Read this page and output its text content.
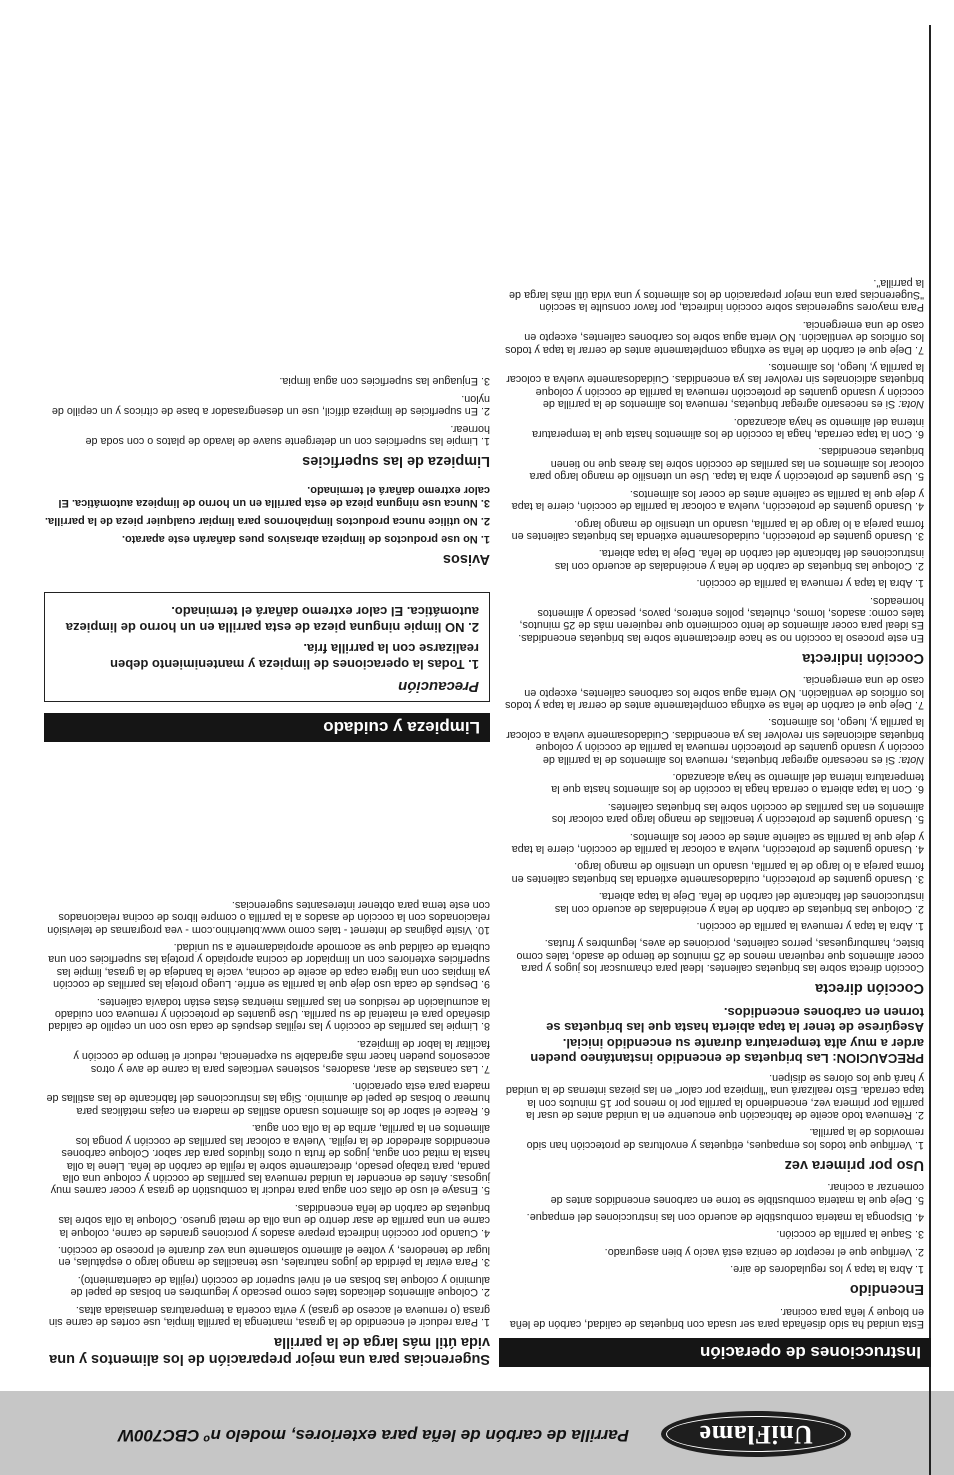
UniFlame
Parrilla de carbón de leña para exteriores, modelo nº CBC700W
Instrucciones de operación

Esta unidad ha sido diseñada para ser usada con briquetas de calidad, carbón de leña en bloque y leña para cocinar.

Encendido

1. Abra la tapa y los reguladores de aire.

2. Verifique que el receptor de ceniza está vacío y bien asegurado.

3. Saque la parrilla de cocción.

4. Disponga la materia combustible de acuerdo con las instrucciones del empaque.

5. Deje que la materia combustible se torne en carbones encendidos antes de comenzar a cocinar.

Uso por primera vez

1. Verifique que todos los empaques, etiquetas y envolturas de protección han sido removidos de la parrilla.

2. Remueva todo aceite de fabricación que encuentre en la unidad antes de usar la parrilla por primera vez, encendiendo la parrilla por lo menos por 15 minutos con la tapa cerrada. Esto realizará una "limpieza por calor" en las piezas internas de la unidad y hará que los olores se disipen.

PRECAUCION: Las briquetas de encendido instantáneo pueden arder a muy alta temperatura durante su encendido inicial. Asegúrese de tener la tapa abierta hasta que las briquetas se tornen en carbones encendidos.

Cocción directa

Cocción directa sobre las briquetas calientes. Ideal para chamuscar los jugos y para cocer alimentos que requieran menos de 25 minutos de tiempo de asado, tales como bistec, hamburguesas, perros calientes, porciones de aves, legumbres y frutas.

1. Abra la tapa y remueva la parrilla de cocción.

2. Coloque las briquetas de carbón de leña y enciéndalas de acuerdo con las instrucciones del fabricante del carbón de leña. Deje la tapa abierta.

3. Usando guantes de protección, cuidadosamente extienda las briquetas calientes en forma pareja a lo largo de la parrilla, usando un utensilio de mango largo.

4. Usando guantes de protección, vuelva a colocar la parrilla de cocción, cierre la tapa y deje que la parrilla se caliente antes de cocer los alimentos.

5. Usando guantes de protección y tenacillas de mango largo para colocar los alimentos en las parrillas de cocción sobre las briquetas calientes.

6. Con la tapa abierta o cerrada haga la cocción de los alimentos hasta que la temperatura interna del alimento se haya alcanzado.

Nota: Si es necesario agregar briquetas, remueva los alimentos de la parrilla de cocción y usando guantes de protección remueva la parrilla de cocción y coloque briquetas adicionales sin revolver las ya encendidas. Cuidadosamente vuelva a colocar la parrilla y, luego, los alimentos.

7. Deje que el carbón de leña se extinga completamente antes de cerrar la tapa y todos los orificios de ventilación. NO vierta agua sobre los carbones calientes, excepto en caso de una emergencia.

Cocción indirecta

En este proceso la cocción no se hace directamente sobre las briquetas encendidas. Es ideal para cocer alimentos de lento cocimiento que requieren más de 25 minutos, tales como: asados, lomos, chuletas, pollos enteros, pavos, pescado y alimentos horneados.

1. Abra la tapa y remueva la parrilla de cocción.

2. Coloque las briquetas de carbón de leña y enciéndalas de acuerdo con las instrucciones del fabricante del carbón de leña. Deje la tapa abierta.

3. Usando guantes de protección, cuidadosamente extienda las briquetas calientes en forma pareja a lo largo de la parrilla, usando un utensilio de mango largo.

4. Usando guantes de protección, vuelva a colocar la parrilla de cocción, cierre la tapa y deje que la parrilla se caliente antes de cocer los alimentos.

5. Use guantes de protección y abra la tapa. Use un utensilio de mango largo para colocar los alimentos en las parrillas de cocción sobre las áreas que no tienen briquetas encendidas.

6. Con la tapa cerrada, haga la cocción de los alimentos hasta que la temperatura interna del alimento se haya alcanzado.

Nota: Si es necesario agregar briquetas, remueva los alimentos de la parrilla de cocción y usando guantes de protección remueva la parrilla de cocción y coloque briquetas adicionales sin revolver las ya encendidas. Cuidadosamente vuelva a colocar la parrilla y, luego, los alimentos.

7. Deje que el carbón de leña se extinga completamente antes de cerrar la tapa y todos los orificios de ventilación. NO vierta agua sobre los carbones calientes, excepto en caso de una emergencia.

Para mayores sugerencias sobre cocción indirecta, por favor consulte la sección "Sugerencias para una mejor preparación de los alimentos y una vida útil más larga de la parrilla".

Sugerencias para una mejor preparación de los alimentos y una vida útil más larga de la parrilla

1. Para reducir el encendido de la grasa, mantenga la parrilla limpia, use cortes de carne sin grasa (o remueva el acceso de grasa) y evita cocerla a temperaturas demasiada altas.

2. Coloque alimentos delicados tales como pescado y legumbres en bolsas de papel de aluminio y coloque las bolsas en el nivel superior de cocción (rejilla de calentamiento).

3. Para evitar la pérdida de jugos naturales, use tenacillas de mango largo o espátulas, en lugar de tenedores, y voltee el alimento solamente una vez durante el proceso de cocción.

4. Cuando por cocción indirecta prepare asados y porciones grandes de carne, coloque la carne en una parrilla de asar dentro de una olla de metal grueso. Coloque la olla sobre las briquetas de carbón de leña encendidas.

5. Ensaye el uso de ollas con agua para reducir la combustión de grasa y cocer carnes muy jugosas. Antes de encender la unidad remueva las parrillas de cocción y coloque una olla panda, para trabajo pesado, directamente sobre la rejilla de carbón de leña. Llene la olla hasta la mitad con agua, jugos de fruta u otros líquidos para dar sabor. Coloque carbones encendidos alrededor de la rejilla. Vuelva a colocar las parrillas de cocción y ponga los alimentos en la parrilla, arriba de la olla con agua.

6. Realce el sabor de los alimentos usando astillas de madera en cajas metálicas para humear o bolsas de papel de aluminio. Siga las instrucciones del fabricante de las astillas de madera para esta operación.

7. Las canastas de asar, asadores, sostenes verticales para la carne de ave y otros accesorios pueden hacer más agradable su experiencia, reducir el tiempo de cocción y facilitar la labor de limpieza.

8. Limpie las parrillas de cocción y las rejillas después de cada uso con un cepillo de calidad diseñado para el material de su parrilla. Use guantes de protección y remueva con cuidado la acumulación de residuos en las parrillas mientras éstas están todavía calientes.

9. Después de cada uso deje que la parrilla se enfríe. Luego proteja las parrillas de cocción ya limpias con una ligera capa de aceite de cocina, vacíe la bandeja de la grasa, limpie las superficies exteriores con un limpiador de cocina apropiado y proteja las superficies con una cubierta de calidad que se acomode apropiadamente a su unidad.

10. Visite páginas de Internet - tales como www.bluerhino.com - vea programas de televisión relacionados con la cocción de asados a la parrilla o compre libros de cocina relacionados con este tema para obtener interesantes sugerencias.

Limpieza y cuidado
Precaución

1. Todas la operaciones de limpieza y mantenimiento deben realizarse con la parrilla fría.

2. NO limpie ninguna pieza de esta parrilla en un horno de limpieza automática. El calor extremo dañará el terminado.

Avisos

1. No use productos de limpieza abrasivos pues dañarán este aparato.

2. No utilice nunca productos limpiahornos para limpiar cualquier pieza de la parrilla.

3. Nunca use ninguna pieza de esta parrilla en un horno de limpieza automática. El calor extremo dañará el terminado.

Limpieza de las superficies

1. Limpie las superficies con un detergente suave de lavado de platos o con soda de hornear.

2. En superficies de limpieza difícil, use un desengrasador a base de cítricos y un cepillo de nylon.

3. Enjuague las superficies con agua limpia.
